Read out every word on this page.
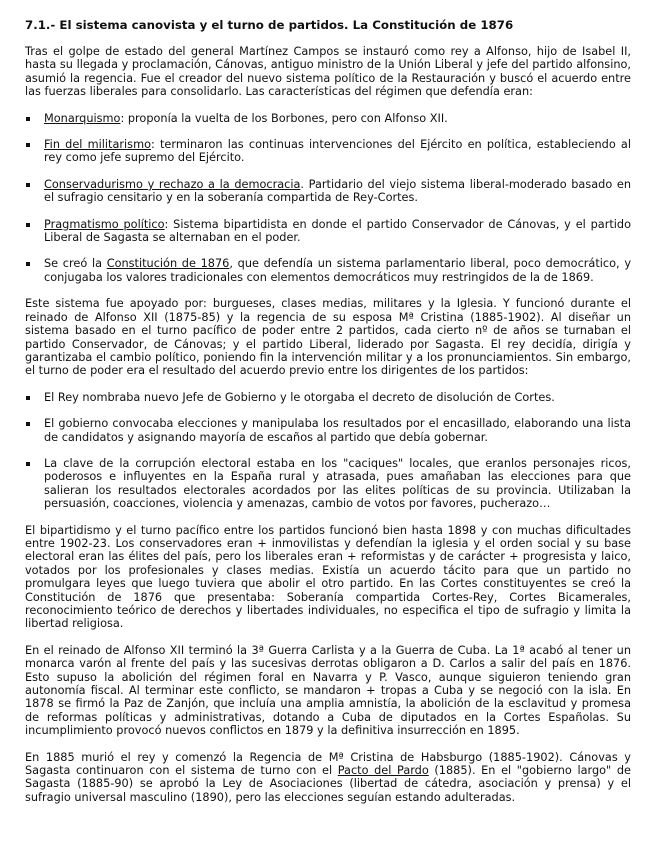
7.1.- El sistema canovista y el turno de partidos. La Constitución de 1876

Tras el golpe de estado del general Martínez Campos se instauró como rey a Alfonso, hijo de Isabel II, hasta su llegada y proclamación, Cánovas, antiguo ministro de la Unión Liberal y jefe del partido alfonsino, asumió la regencia. Fue el creador del nuevo sistema político de la Restauración y buscó el acuerdo entre las fuerzas liberales para consolidarlo. Las características del régimen que defendía eran:

Monarquismo: proponía la vuelta de los Borbones, pero con Alfonso XII.
Fin del militarismo: terminaron las continuas intervenciones del Ejército en política, estableciendo al rey como jefe supremo del Ejército.
Conservadurismo y rechazo a la democracia. Partidario del viejo sistema liberal-moderado basado en el sufragio censitario y en la soberanía compartida de Rey-Cortes.
Pragmatismo político: Sistema bipartidista en donde el partido Conservador de Cánovas, y el partido Liberal de Sagasta se alternaban en el poder.
Se creó la Constitución de 1876, que defendía un sistema parlamentario liberal, poco democrático, y conjugaba los valores tradicionales con elementos democráticos muy restringidos de la de 1869.

Este sistema fue apoyado por: burgueses, clases medias, militares y la Iglesia. Y funcionó durante el reinado de Alfonso XII (1875-85) y la regencia de su esposa Mª Cristina (1885-1902). Al diseñar un sistema basado en el turno pacífico de poder entre 2 partidos, cada cierto nº de años se turnaban el partido Conservador, de Cánovas; y el partido Liberal, liderado por Sagasta. El rey decidía, dirigía y garantizaba el cambio político, poniendo fin la intervención militar y a los pronunciamientos. Sin embargo, el turno de poder era el resultado del acuerdo previo entre los dirigentes de los partidos:

El Rey nombraba nuevo Jefe de Gobierno y le otorgaba el decreto de disolución de Cortes.
El gobierno convocaba elecciones y manipulaba los resultados por el encasillado, elaborando una lista de candidatos y asignando mayoría de escaños al partido que debía gobernar.
La clave de la corrupción electoral estaba en los "caciques" locales, que eranlos personajes ricos, poderosos e influyentes en la España rural y atrasada, pues amañaban las elecciones para que salieran los resultados electorales acordados por las elites políticas de su provincia. Utilizaban la persuasión, coacciones, violencia y amenazas, cambio de votos por favores, pucherazo…

El bipartidismo y el turno pacífico entre los partidos funcionó bien hasta 1898 y con muchas dificultades entre 1902-23. Los conservadores eran + inmovilistas y defendían la iglesia y el orden social y su base electoral eran las élites del país, pero los liberales eran + reformistas y de carácter + progresista y laico, votados por los profesionales y clases medias. Existía un acuerdo tácito para que un partido no promulgara leyes que luego tuviera que abolir el otro partido. En las Cortes constituyentes se creó la Constitución de 1876 que presentaba: Soberanía compartida Cortes-Rey, Cortes Bicamerales, reconocimiento teórico de derechos y libertades individuales, no especifica el tipo de sufragio y limita la libertad religiosa.

En el reinado de Alfonso XII terminó la 3ª Guerra Carlista y a la Guerra de Cuba. La 1ª acabó al tener un monarca varón al frente del país y las sucesivas derrotas obligaron a D. Carlos a salir del país en 1876. Esto supuso la abolición del régimen foral en Navarra y P. Vasco, aunque siguieron teniendo gran autonomía fiscal. Al terminar este conflicto, se mandaron + tropas a Cuba y se negoció con la isla. En 1878 se firmó la Paz de Zanjón, que incluía una amplia amnistía, la abolición de la esclavitud y promesa de reformas políticas y administrativas, dotando a Cuba de diputados en la Cortes Españolas. Su incumplimiento provocó nuevos conflictos en 1879 y la definitiva insurrección en 1895.

En 1885 murió el rey y comenzó la Regencia de Mª Cristina de Habsburgo (1885-1902). Cánovas y Sagasta continuaron con el sistema de turno con el Pacto del Pardo (1885). En el "gobierno largo" de Sagasta (1885-90) se aprobó la Ley de Asociaciones (libertad de cátedra, asociación y prensa) y el sufragio universal masculino (1890), pero las elecciones seguían estando adulteradas.
